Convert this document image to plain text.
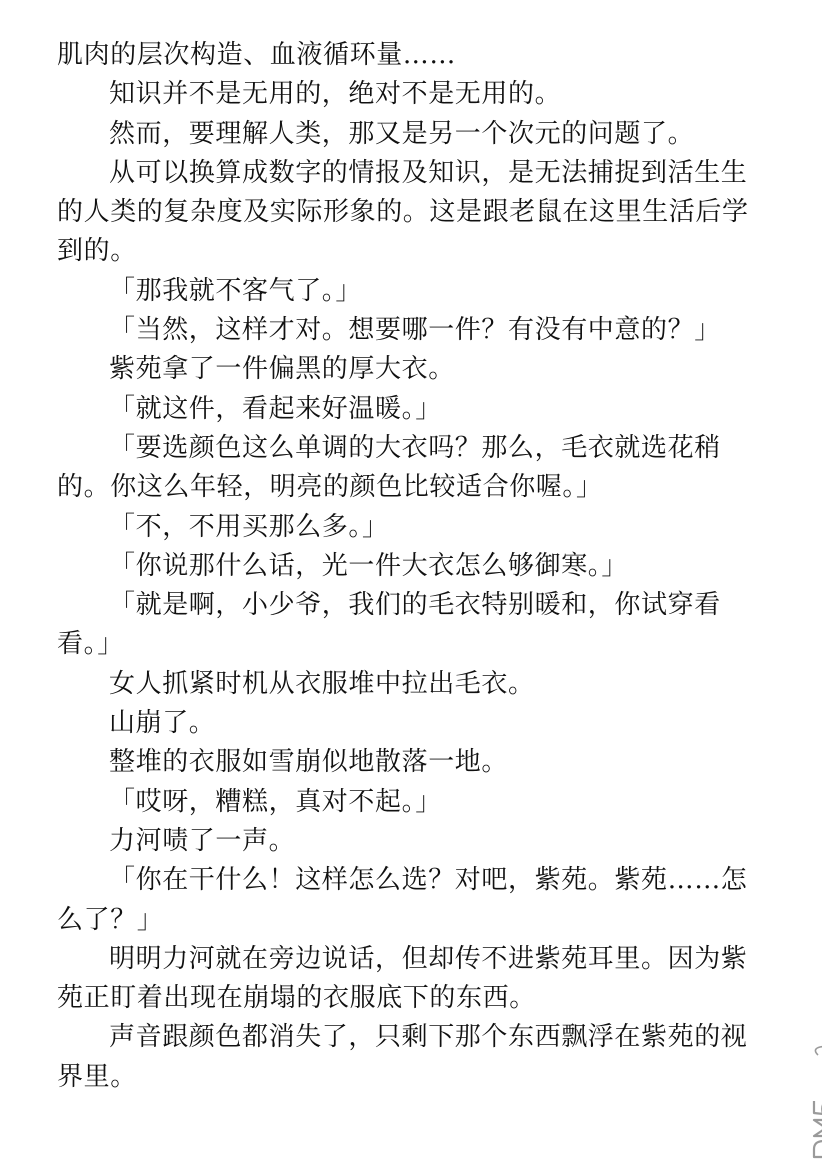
肌肉的层次构造、血液循环量……

知识并不是无用的，绝对不是无用的。

然而，要理解人类，那又是另一个次元的问题了。

从可以换算成数字的情报及知识，是无法捕捉到活生生的人类的复杂度及实际形象的。这是跟老鼠在这里生活后学到的。

「那我就不客气了。」

「当然，这样才对。想要哪一件？有没有中意的？」

紫苑拿了一件偏黑的厚大衣。

「就这件，看起来好温暖。」

「要选颜色这么单调的大衣吗？那么，毛衣就选花稍的。你这么年轻，明亮的颜色比较适合你喔。」

「不，不用买那么多。」

「你说那什么话，光一件大衣怎么够御寒。」

「就是啊，小少爷，我们的毛衣特别暖和，你试穿看看。」

女人抓紧时机从衣服堆中拉出毛衣。

山崩了。

整堆的衣服如雪崩似地散落一地。

「哎呀，糟糕，真对不起。」

力河啧了一声。

「你在干什么！这样怎么选？对吧，紫苑。紫苑……怎么了？」

明明力河就在旁边说话，但却传不进紫苑耳里。因为紫苑正盯着出现在崩塌的衣服底下的东西。

声音跟颜色都消失了，只剩下那个东西飘浮在紫苑的视界里。
